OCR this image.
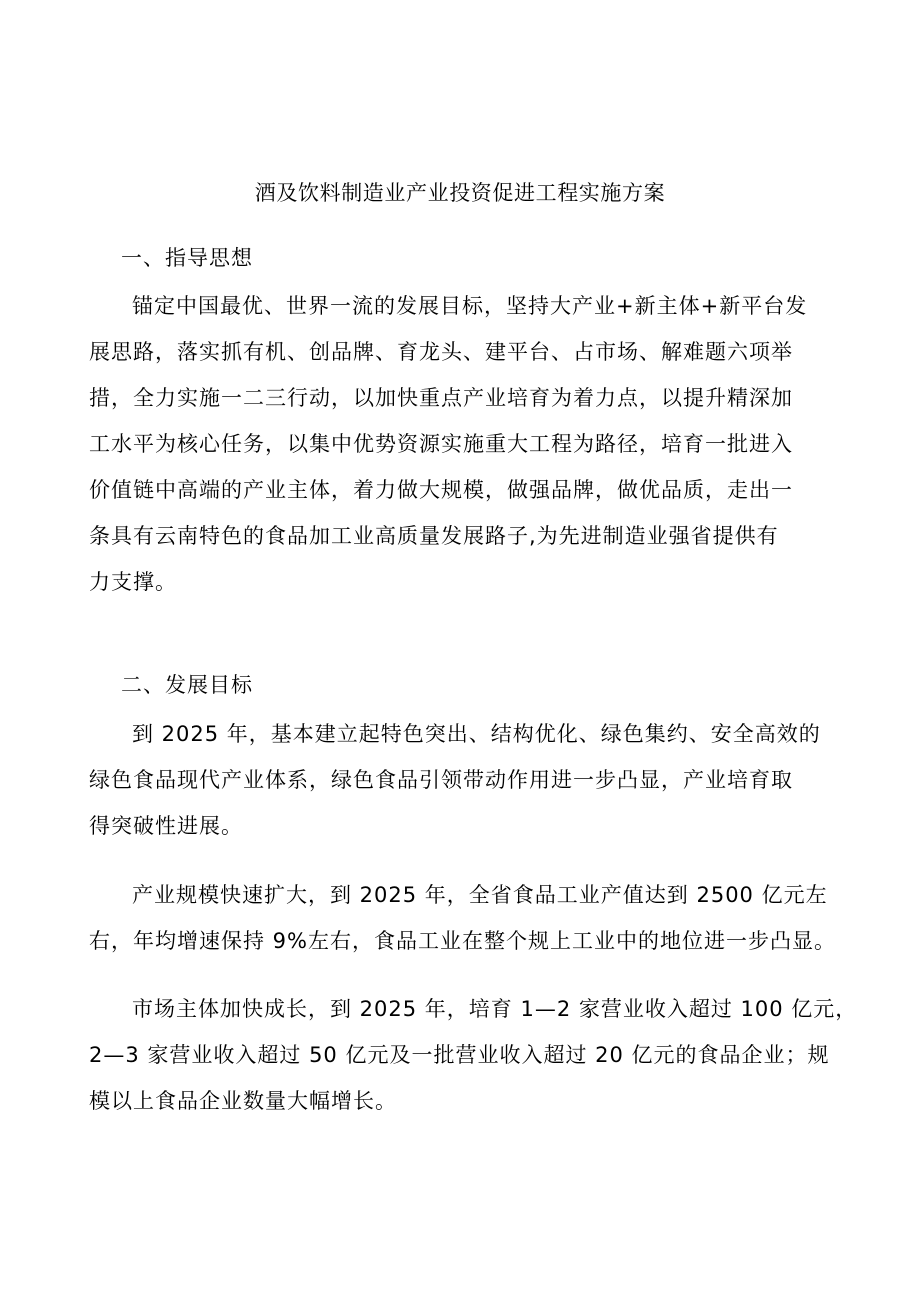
酒及饮料制造业产业投资促进工程实施方案
一、指导思想
锚定中国最优、世界一流的发展目标，坚持大产业+新主体+新平台发
展思路，落实抓有机、创品牌、育龙头、建平台、占市场、解难题六项举
措，全力实施一二三行动，以加快重点产业培育为着力点，以提升精深加
工水平为核心任务，以集中优势资源实施重大工程为路径，培育一批进入
价值链中高端的产业主体，着力做大规模，做强品牌，做优品质，走出一
条具有云南特色的食品加工业高质量发展路子,为先进制造业强省提供有
力支撑。
二、发展目标
到 2025 年，基本建立起特色突出、结构优化、绿色集约、安全高效的
绿色食品现代产业体系，绿色食品引领带动作用进一步凸显，产业培育取
得突破性进展。
产业规模快速扩大，到 2025 年，全省食品工业产值达到 2500 亿元左
右，年均增速保持 9%左右，食品工业在整个规上工业中的地位进一步凸显。
市场主体加快成长，到 2025 年，培育 1—2 家营业收入超过 100 亿元，
2—3 家营业收入超过 50 亿元及一批营业收入超过 20 亿元的食品企业；规
模以上食品企业数量大幅增长。
